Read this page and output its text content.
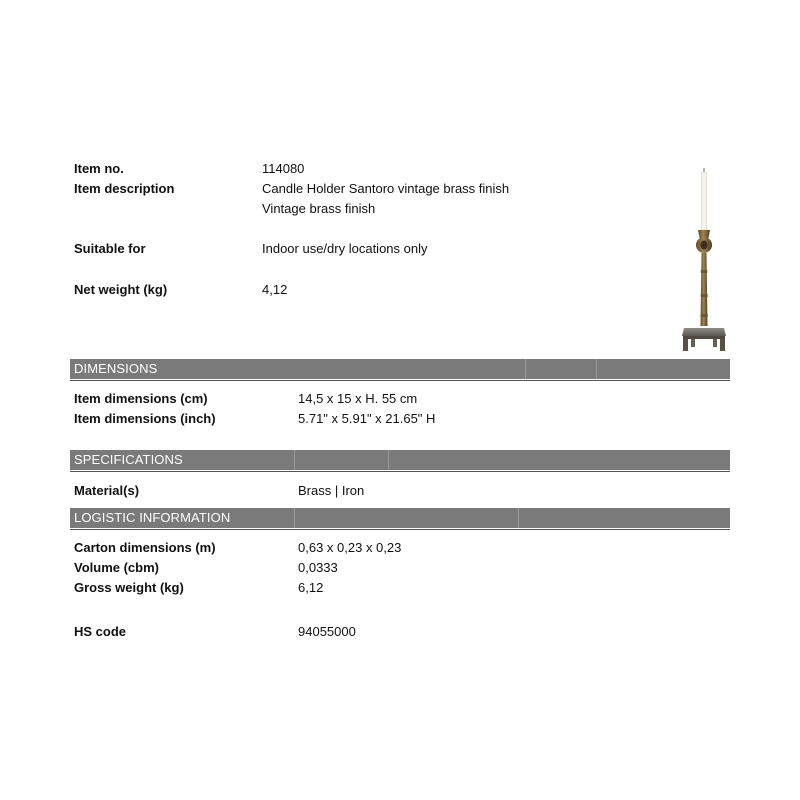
Item no.	114080
Item description	Candle Holder Santoro vintage brass finish
Vintage brass finish
Suitable for	Indoor use/dry locations only
Net weight (kg)	4,12
DIMENSIONS
Item dimensions (cm)	14,5 x 15 x H. 55 cm
Item dimensions (inch)	5.71" x 5.91" x 21.65" H
SPECIFICATIONS
Material(s)	Brass | Iron
LOGISTIC INFORMATION
Carton dimensions (m)	0,63 x 0,23 x 0,23
Volume (cbm)	0,0333
Gross weight (kg)	6,12
HS code	94055000
